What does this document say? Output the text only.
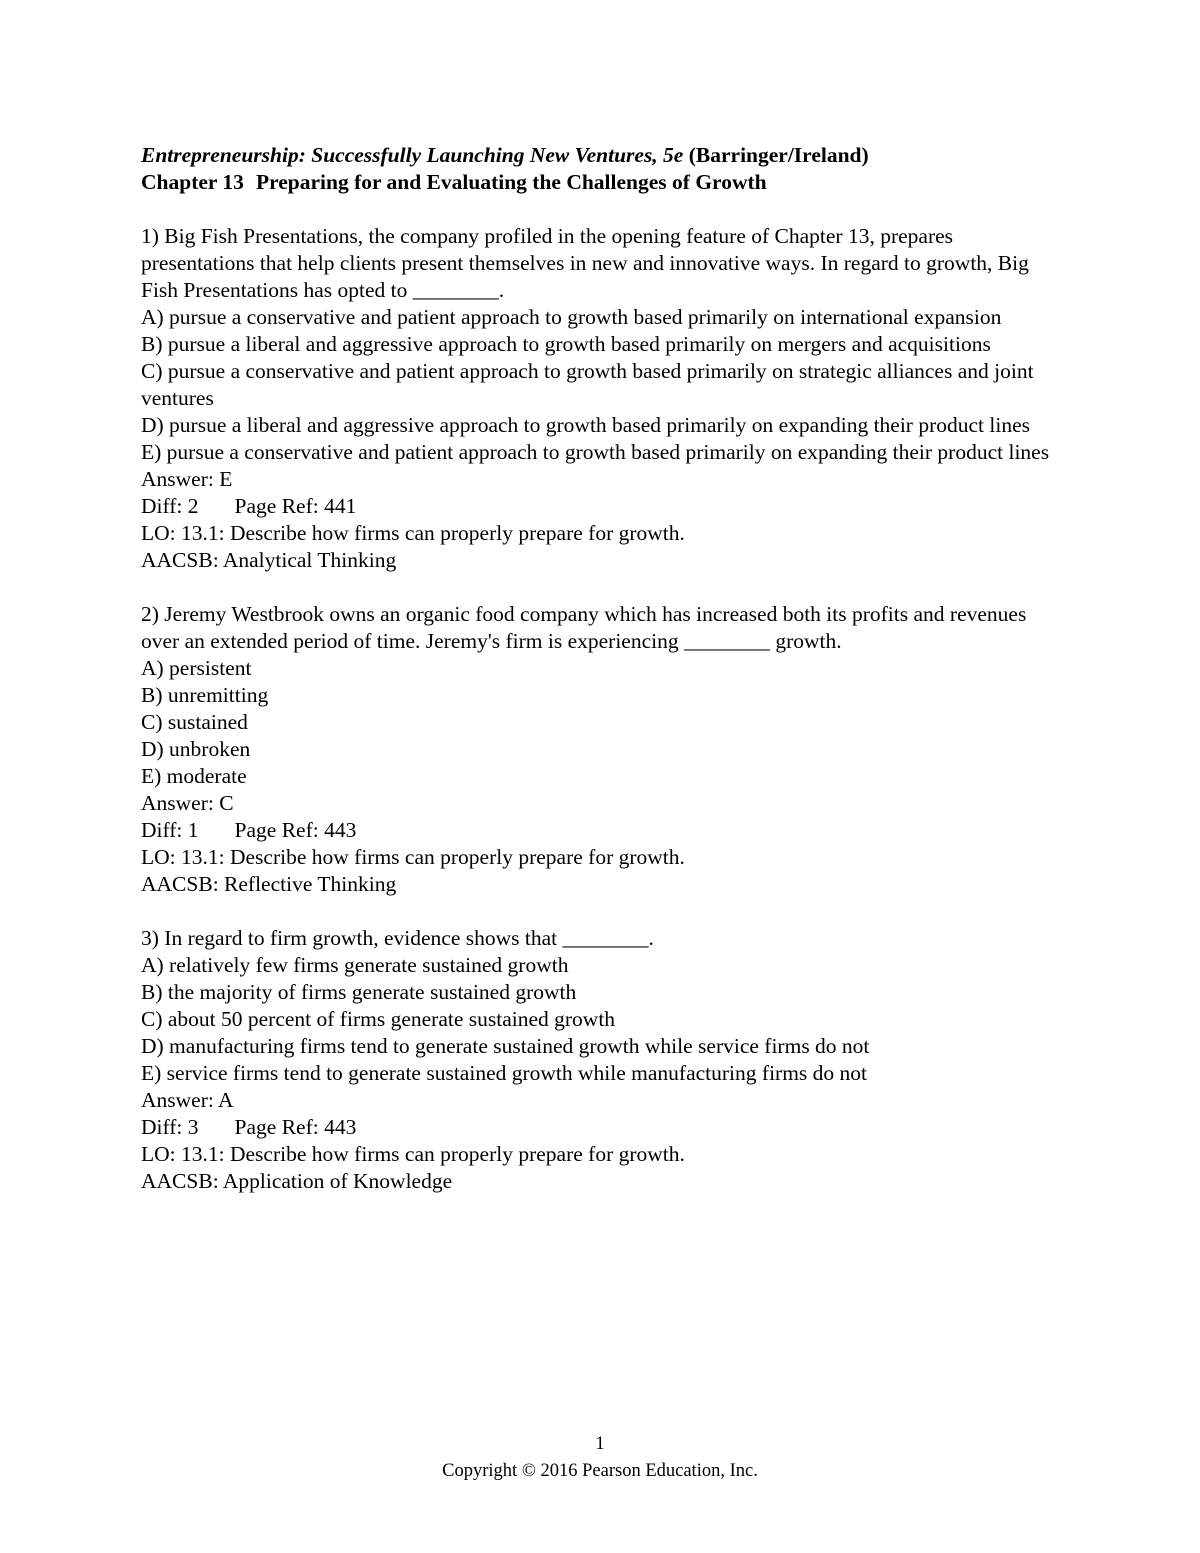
Entrepreneurship: Successfully Launching New Ventures, 5e (Barringer/Ireland)

Chapter 13 Preparing for and Evaluating the Challenges of Growth

1) Big Fish Presentations, the company profiled in the opening feature of Chapter 13, prepares presentations that help clients present themselves in new and innovative ways. In regard to growth, Big Fish Presentations has opted to ________.

A) pursue a conservative and patient approach to growth based primarily on international expansion

B) pursue a liberal and aggressive approach to growth based primarily on mergers and acquisitions

C) pursue a conservative and patient approach to growth based primarily on strategic alliances and joint ventures

D) pursue a liberal and aggressive approach to growth based primarily on expanding their product lines

E) pursue a conservative and patient approach to growth based primarily on expanding their product lines

Answer: E

Diff: 2 Page Ref: 441

LO: 13.1: Describe how firms can properly prepare for growth.

AACSB: Analytical Thinking

2) Jeremy Westbrook owns an organic food company which has increased both its profits and revenues over an extended period of time. Jeremy's firm is experiencing ________ growth.

A) persistent

B) unremitting

C) sustained

D) unbroken

E) moderate

Answer: C

Diff: 1 Page Ref: 443

LO: 13.1: Describe how firms can properly prepare for growth.

AACSB: Reflective Thinking

3) In regard to firm growth, evidence shows that ________.

A) relatively few firms generate sustained growth

B) the majority of firms generate sustained growth

C) about 50 percent of firms generate sustained growth

D) manufacturing firms tend to generate sustained growth while service firms do not

E) service firms tend to generate sustained growth while manufacturing firms do not

Answer: A

Diff: 3 Page Ref: 443

LO: 13.1: Describe how firms can properly prepare for growth.

AACSB: Application of Knowledge

1
Copyright © 2016 Pearson Education, Inc.
